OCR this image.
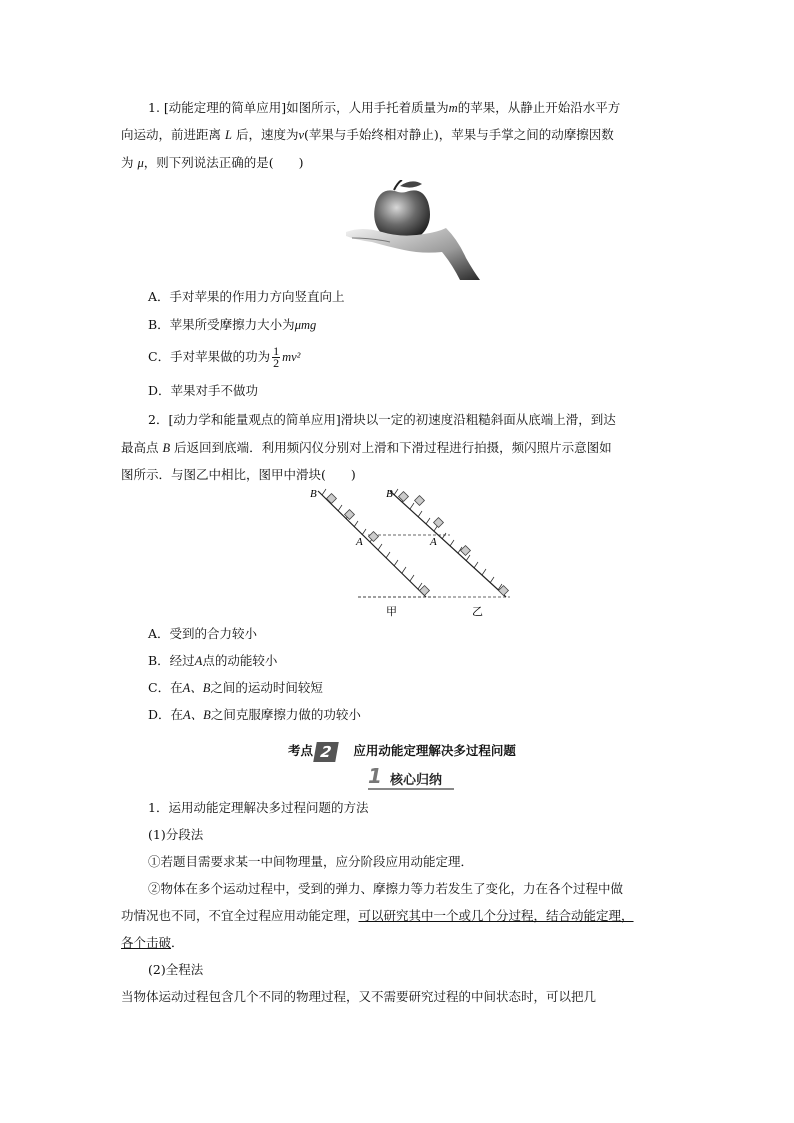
1. [动能定理的简单应用]如图所示，人用手托着质量为m的苹果，从静止开始沿水平方
向运动，前进距离 L 后，速度为v(苹果与手始终相对静止)，苹果与手掌之间的动摩擦因数
为 μ，则下列说法正确的是(　　)
A．手对苹果的作用力方向竖直向上
B．苹果所受摩擦力大小为μmg
C．手对苹果做的功为 $\frac{1}{2} mv^2$
D．苹果对手不做功
2．[动力学和能量观点的简单应用]滑块以一定的初速度沿粗糙斜面从底端上滑，到达
最高点 B 后返回到底端．利用频闪仪分别对上滑和下滑过程进行拍摄，频闪照片示意图如
图所示．与图乙中相比，图甲中滑块(　　)
B
A
B
A
甲	乙
A．受到的合力较小
B．经过A点的动能较小
C．在A、B之间的运动时间较短
D．在A、B之间克服摩擦力做的功较小
考点 2 应用动能定理解决多过程问题
1 核心归纳
1．运用动能定理解决多过程问题的方法
(1)分段法
①若题目需要求某一中间物理量，应分阶段应用动能定理．
②物体在多个运动过程中，受到的弹力、摩擦力等力若发生了变化，力在各个过程中做
功情况也不同，不宜全过程应用动能定理，可以研究其中一个或几个分过程，结合动能定理，
各个击破．
(2)全程法
当物体运动过程包含几个不同的物理过程，又不需要研究过程的中间状态时，可以把几
